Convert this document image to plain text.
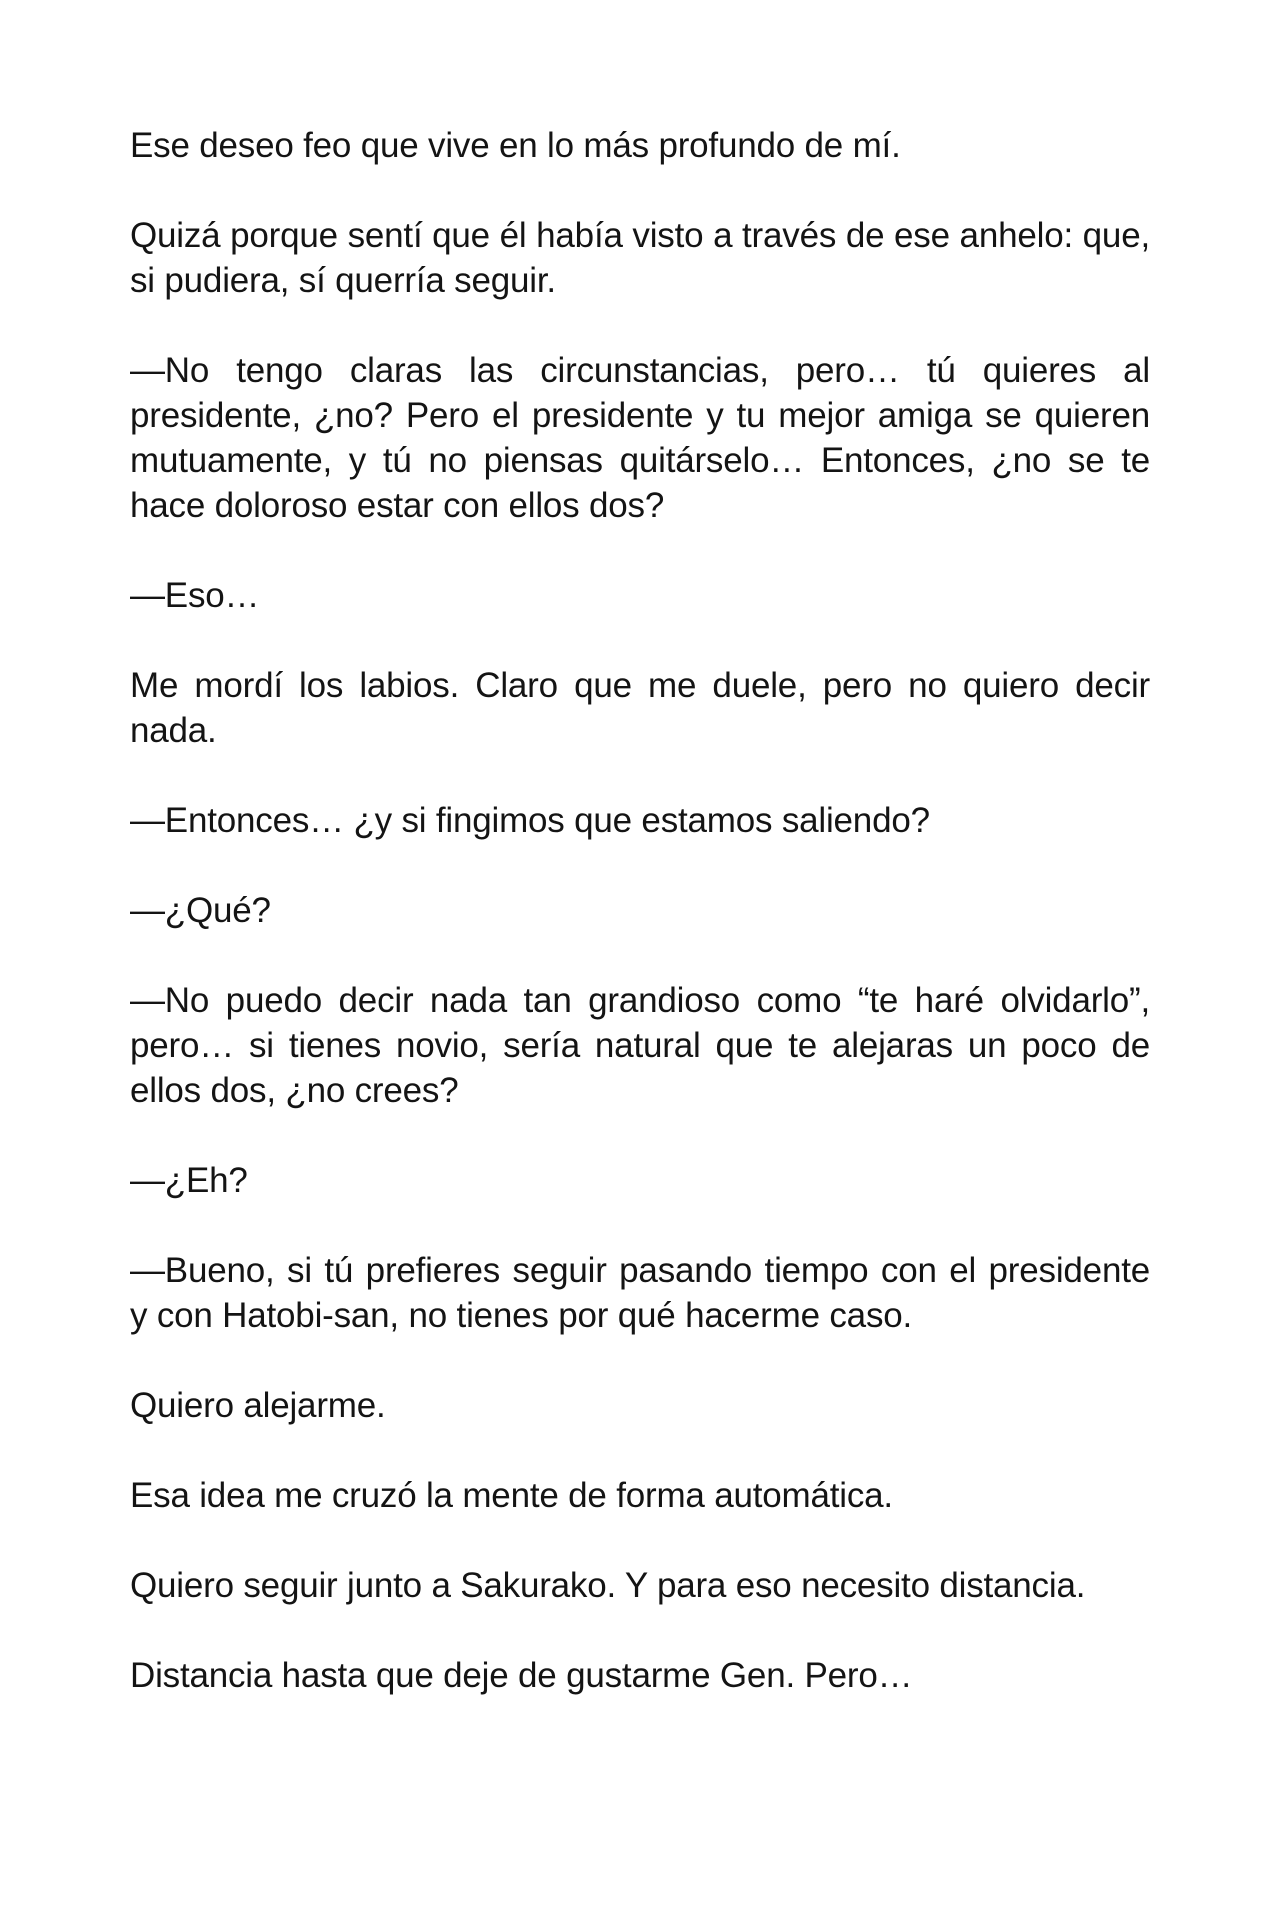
Ese deseo feo que vive en lo más profundo de mí.

Quizá porque sentí que él había visto a través de ese anhelo: que, si pudiera, sí querría seguir.

—No tengo claras las circunstancias, pero… tú quieres al presidente, ¿no? Pero el presidente y tu mejor amiga se quieren mutuamente, y tú no piensas quitárselo… Entonces, ¿no se te hace doloroso estar con ellos dos?

—Eso…

Me mordí los labios. Claro que me duele, pero no quiero decir nada.

—Entonces… ¿y si fingimos que estamos saliendo?

—¿Qué?

—No puedo decir nada tan grandioso como “te haré olvidarlo”, pero… si tienes novio, sería natural que te alejaras un poco de ellos dos, ¿no crees?

—¿Eh?

—Bueno, si tú prefieres seguir pasando tiempo con el presidente y con Hatobi-san, no tienes por qué hacerme caso.

Quiero alejarme.

Esa idea me cruzó la mente de forma automática.

Quiero seguir junto a Sakurako. Y para eso necesito distancia.

Distancia hasta que deje de gustarme Gen. Pero…
